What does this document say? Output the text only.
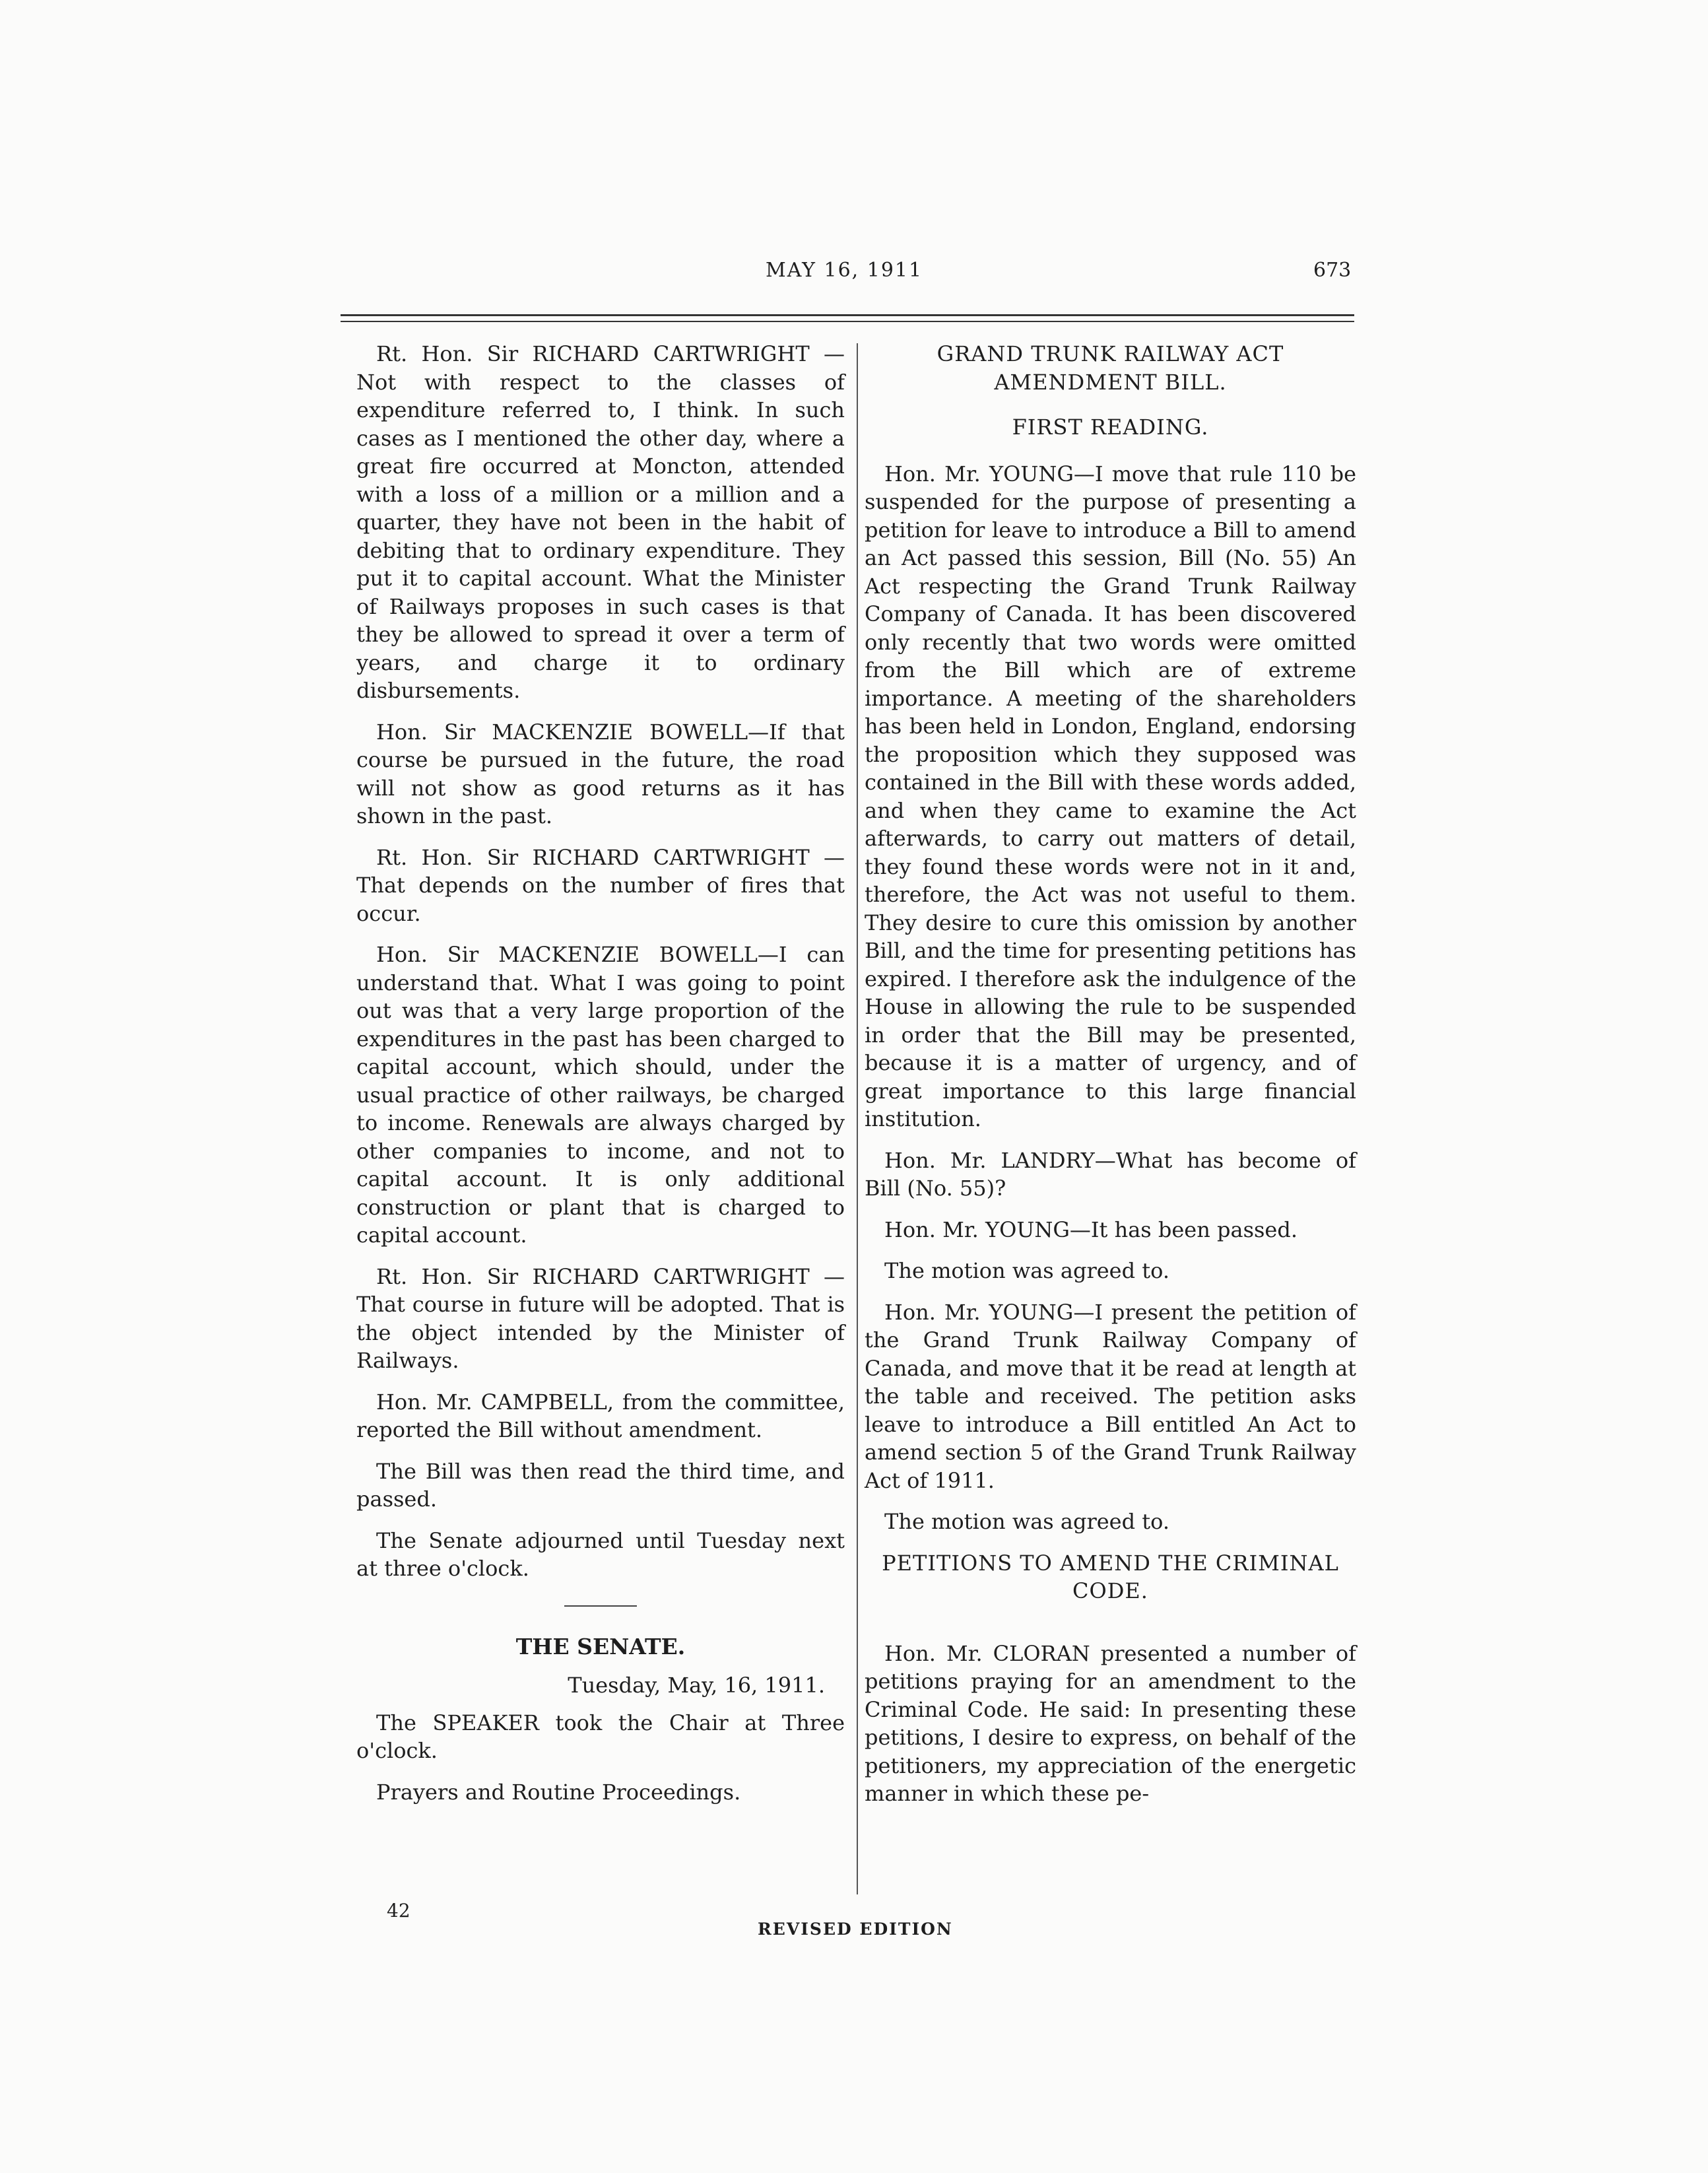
MAY 16, 1911	673

Rt. Hon. Sir RICHARD CARTWRIGHT —Not with respect to the classes of expenditure referred to, I think. In such cases as I mentioned the other day, where a great fire occurred at Moncton, attended with a loss of a million or a million and a quarter, they have not been in the habit of debiting that to ordinary expenditure. They put it to capital account. What the Minister of Railways proposes in such cases is that they be allowed to spread it over a term of years, and charge it to ordinary disbursements.

Hon. Sir MACKENZIE BOWELL—If that course be pursued in the future, the road will not show as good returns as it has shown in the past.

Rt. Hon. Sir RICHARD CARTWRIGHT —That depends on the number of fires that occur.

Hon. Sir MACKENZIE BOWELL—I can understand that. What I was going to point out was that a very large proportion of the expenditures in the past has been charged to capital account, which should, under the usual practice of other railways, be charged to income. Renewals are always charged by other companies to income, and not to capital account. It is only additional construction or plant that is charged to capital account.

Rt. Hon. Sir RICHARD CARTWRIGHT —That course in future will be adopted. That is the object intended by the Minister of Railways.

Hon. Mr. CAMPBELL, from the committee, reported the Bill without amendment.

The Bill was then read the third time, and passed.

The Senate adjourned until Tuesday next at three o'clock.

THE SENATE.
Tuesday, May, 16, 1911.

The SPEAKER took the Chair at Three o'clock.

Prayers and Routine Proceedings.

GRAND TRUNK RAILWAY ACT AMENDMENT BILL.
FIRST READING.

Hon. Mr. YOUNG—I move that rule 110 be suspended for the purpose of presenting a petition for leave to introduce a Bill to amend an Act passed this session, Bill (No. 55) An Act respecting the Grand Trunk Railway Company of Canada. It has been discovered only recently that two words were omitted from the Bill which are of extreme importance. A meeting of the shareholders has been held in London, England, endorsing the proposition which they supposed was contained in the Bill with these words added, and when they came to examine the Act afterwards, to carry out matters of detail, they found these words were not in it and, therefore, the Act was not useful to them. They desire to cure this omission by another Bill, and the time for presenting petitions has expired. I therefore ask the indulgence of the House in allowing the rule to be suspended in order that the Bill may be presented, because it is a matter of urgency, and of great importance to this large financial institution.

Hon. Mr. LANDRY—What has become of Bill (No. 55)?

Hon. Mr. YOUNG—It has been passed.

The motion was agreed to.

Hon. Mr. YOUNG—I present the petition of the Grand Trunk Railway Company of Canada, and move that it be read at length at the table and received. The petition asks leave to introduce a Bill entitled An Act to amend section 5 of the Grand Trunk Railway Act of 1911.

The motion was agreed to.

PETITIONS TO AMEND THE CRIMINAL CODE.

Hon. Mr. CLORAN presented a number of petitions praying for an amendment to the Criminal Code. He said: In presenting these petitions, I desire to express, on behalf of the petitioners, my appreciation of the energetic manner in which these pe-

42
REVISED EDITION
